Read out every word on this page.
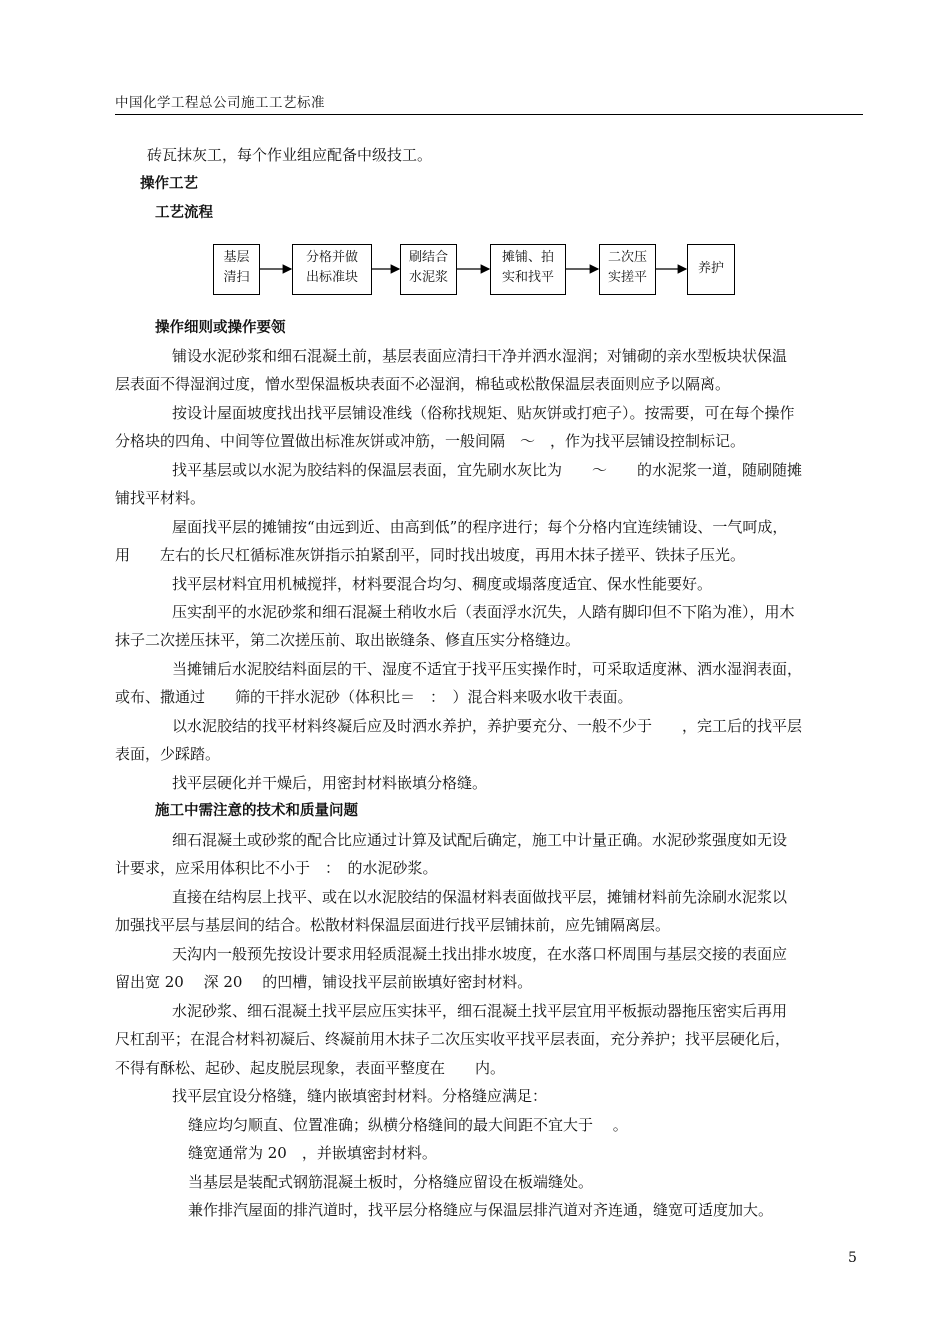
中国化学工程总公司施工工艺标准
砖瓦抹灰工，每个作业组应配备中级技工。
操作工艺
工艺流程
基层
清扫
分格并做
出标准块
刷结合
水泥浆
摊铺、拍
实和找平
二次压
实搓平
养护
操作细则或操作要领
铺设水泥砂浆和细石混凝土前，基层表面应清扫干净并洒水湿润；对铺砌的亲水型板块状保温
层表面不得湿润过度，憎水型保温板块表面不必湿润，棉毡或松散保温层表面则应予以隔离。
按设计屋面坡度找出找平层铺设准线（俗称找规矩、贴灰饼或打疤子）。按需要，可在每个操作
分格块的四角、中间等位置做出标准灰饼或冲筋，一般间隔　～　，作为找平层铺设控制标记。
找平基层或以水泥为胶结料的保温层表面，宜先刷水灰比为　　～　　的水泥浆一道，随刷随摊
铺找平材料。
屋面找平层的摊铺按“由远到近、由高到低”的程序进行；每个分格内宜连续铺设、一气呵成，
用　　左右的长尺杠循标准灰饼指示拍紧刮平，同时找出坡度，再用木抹子搓平、铁抹子压光。
找平层材料宜用机械搅拌，材料要混合均匀、稠度或塌落度适宜、保水性能要好。
压实刮平的水泥砂浆和细石混凝土稍收水后（表面浮水沉失，人踏有脚印但不下陷为准），用木
抹子二次搓压抹平，第二次搓压前、取出嵌缝条、修直压实分格缝边。
当摊铺后水泥胶结料面层的干、湿度不适宜于找平压实操作时，可采取适度淋、洒水湿润表面，
或布、撒通过　　筛的干拌水泥砂（体积比＝　：　）混合料来吸水收干表面。
以水泥胶结的找平材料终凝后应及时洒水养护，养护要充分、一般不少于　　，完工后的找平层
表面，少踩踏。
找平层硬化并干燥后，用密封材料嵌填分格缝。
施工中需注意的技术和质量问题
细石混凝土或砂浆的配合比应通过计算及试配后确定，施工中计量正确。水泥砂浆强度如无设
计要求，应采用体积比不小于　：　的水泥砂浆。
直接在结构层上找平、或在以水泥胶结的保温材料表面做找平层，摊铺材料前先涂刷水泥浆以
加强找平层与基层间的结合。松散材料保温层面进行找平层铺抹前，应先铺隔离层。
天沟内一般预先按设计要求用轻质混凝土找出排水坡度，在水落口杯周围与基层交接的表面应
留出宽 20　 深 20　 的凹槽，铺设找平层前嵌填好密封材料。
水泥砂浆、细石混凝土找平层应压实抹平，细石混凝土找平层宜用平板振动器拖压密实后再用
尺杠刮平；在混合材料初凝后、终凝前用木抹子二次压实收平找平层表面，充分养护；找平层硬化后，
不得有酥松、起砂、起皮脱层现象，表面平整度在　　内。
找平层宜设分格缝，缝内嵌填密封材料。分格缝应满足：
缝应均匀顺直、位置准确；纵横分格缝间的最大间距不宜大于　 。
缝宽通常为 20　，并嵌填密封材料。
当基层是装配式钢筋混凝土板时，分格缝应留设在板端缝处。
兼作排汽屋面的排汽道时，找平层分格缝应与保温层排汽道对齐连通，缝宽可适度加大。
5
